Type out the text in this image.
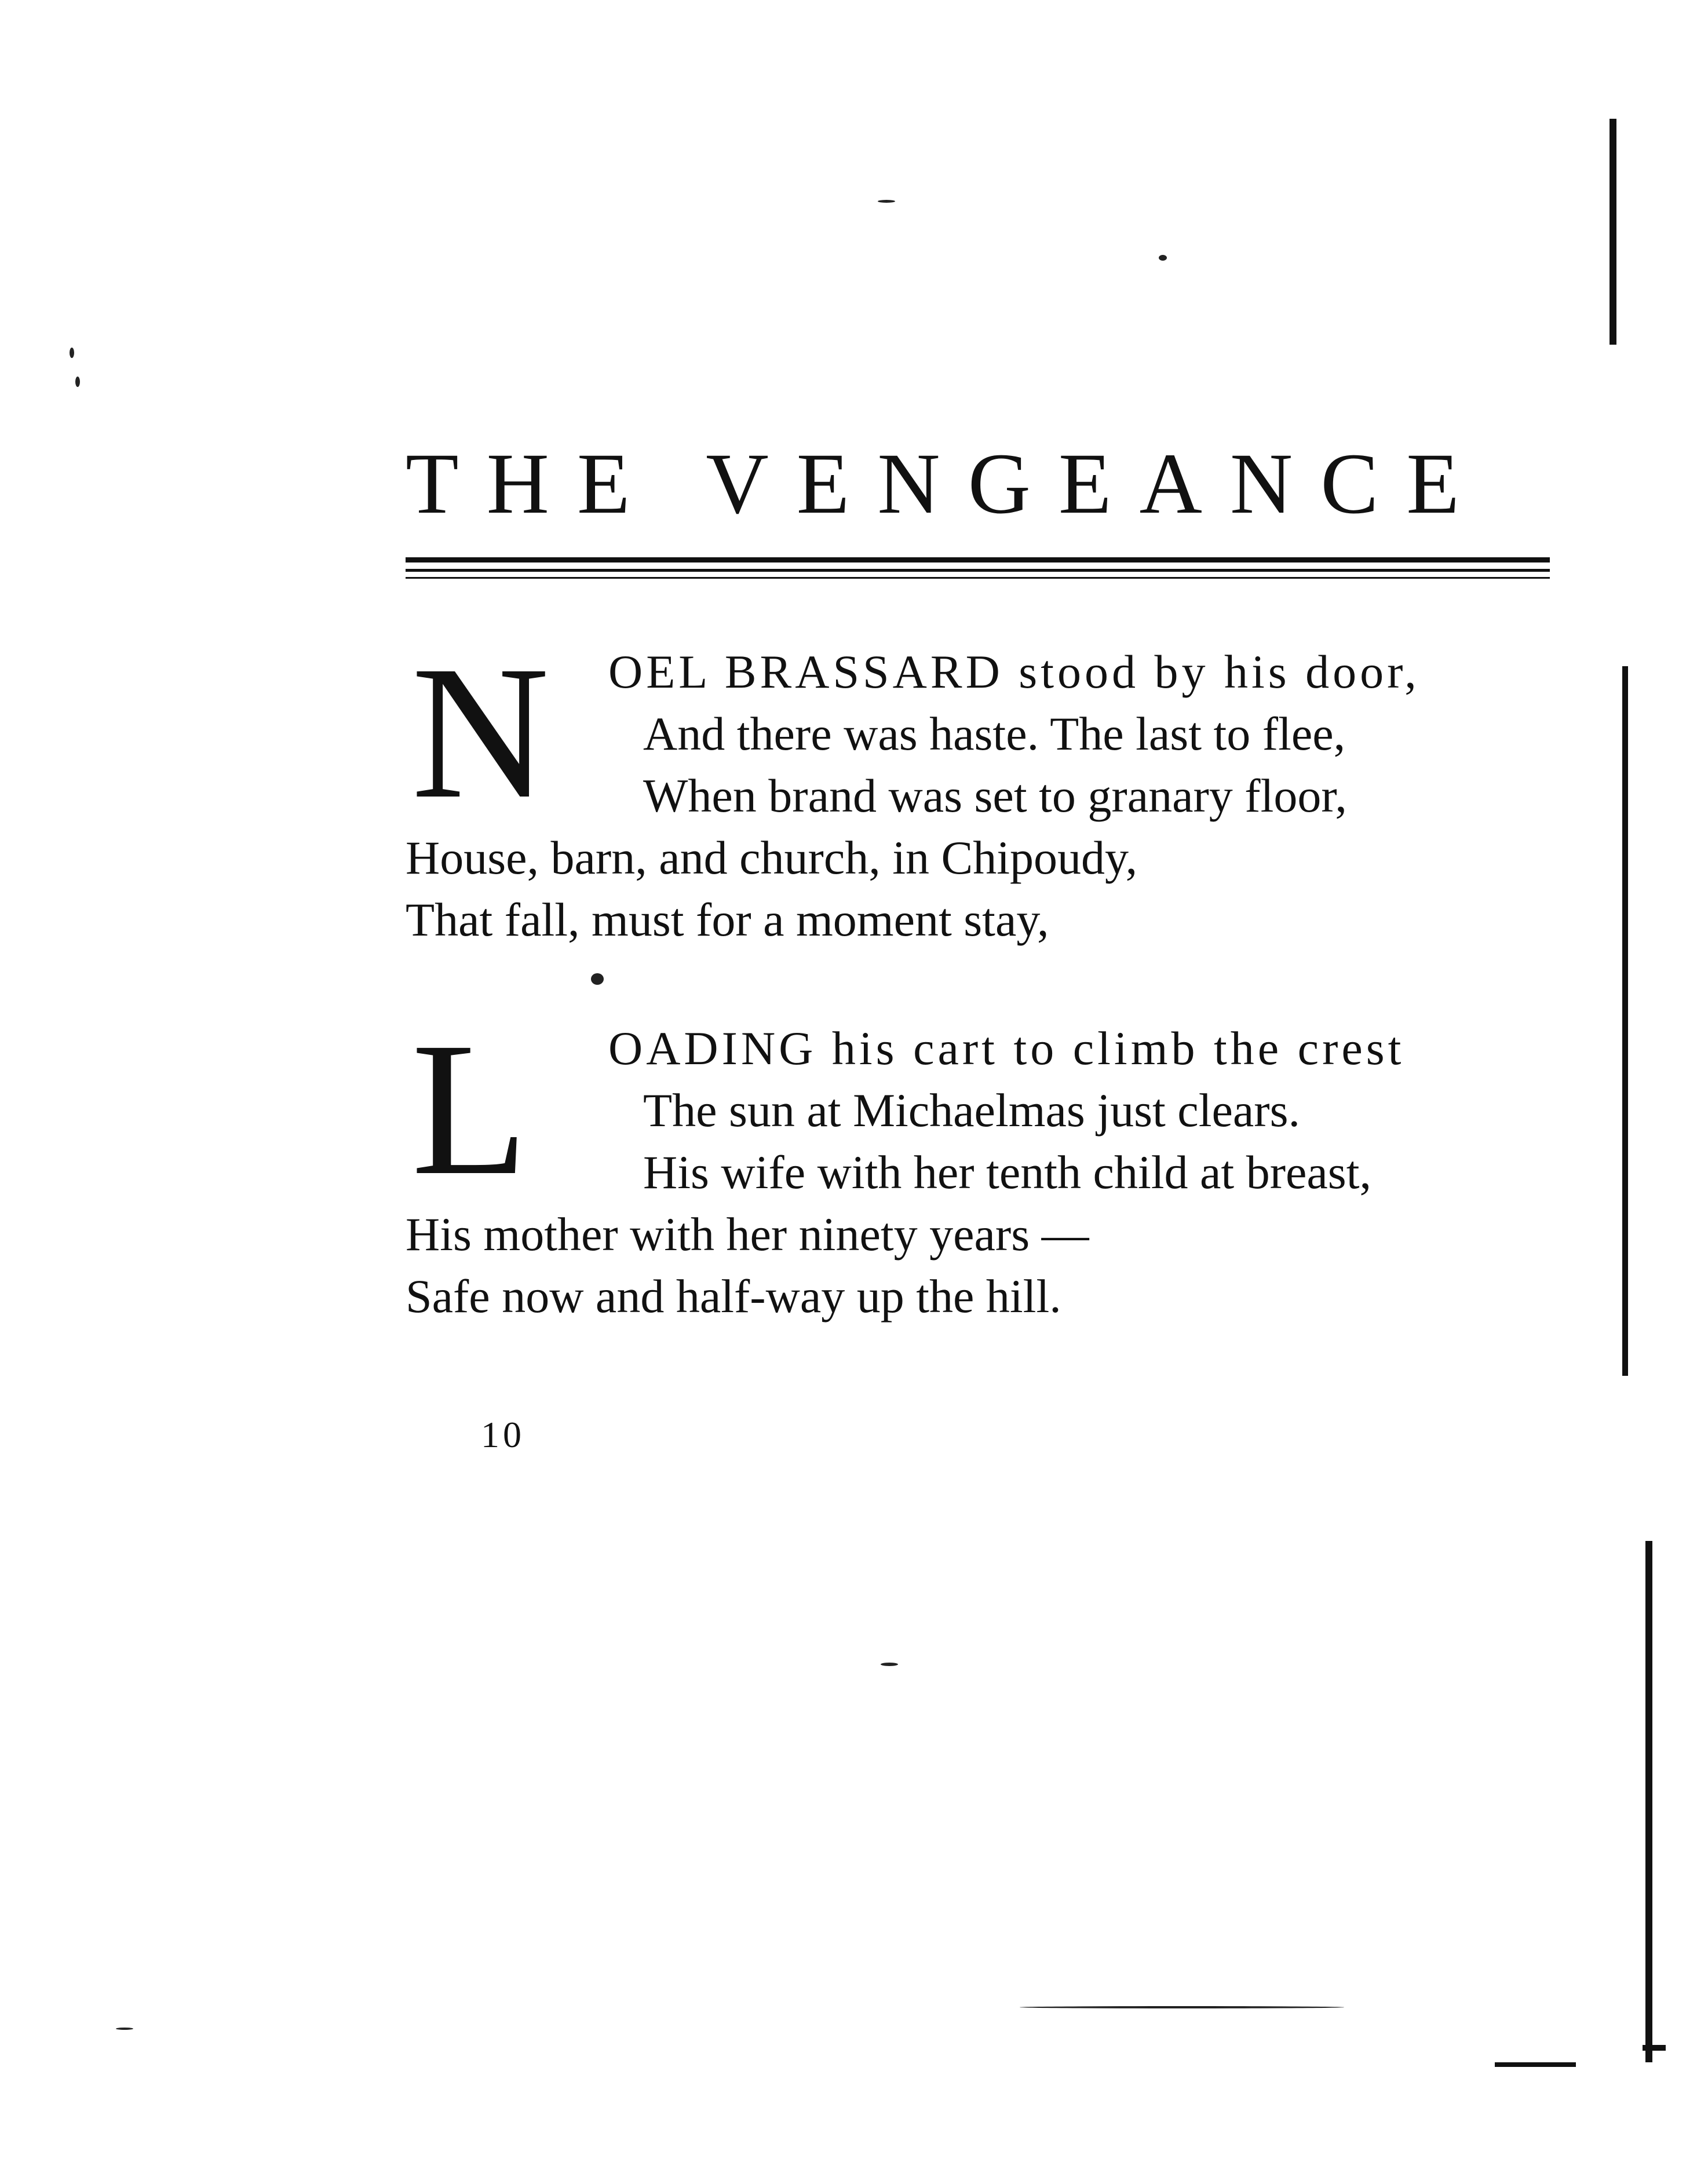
THE VENGEANCE
N OEL BRASSARD stood by his door,
And there was haste. The last to flee,
When brand was set to granary floor,
House, barn, and church, in Chipoudy,
That fall, must for a moment stay,
L OADING his cart to climb the crest
The sun at Michaelmas just clears.
His wife with her tenth child at breast,
His mother with her ninety years —
Safe now and half-way up the hill.
10
